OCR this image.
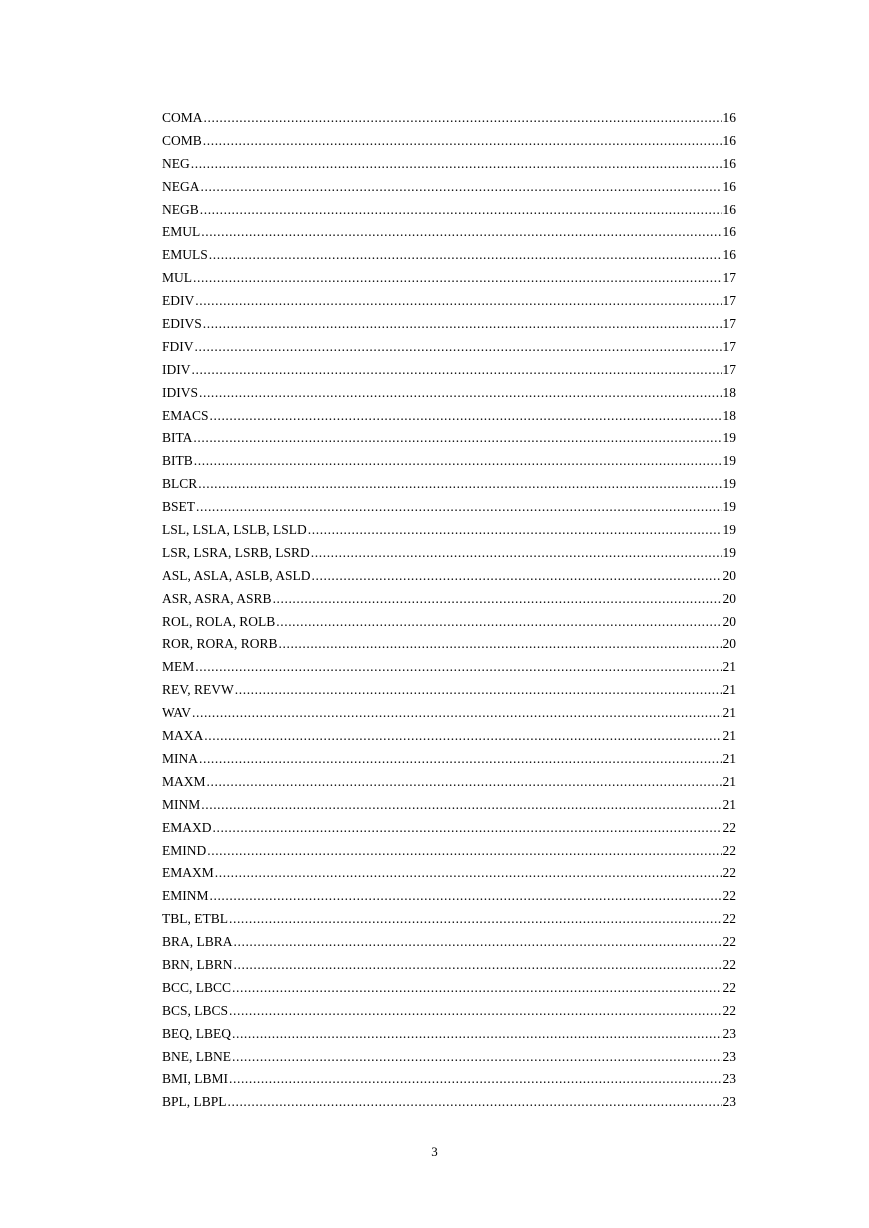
COMA .....	16
COMB .....	16
NEG .....	16
NEGA .....	16
NEGB .....	16
EMUL .....	16
EMULS .....	16
MUL .....	17
EDIV .....	17
EDIVS .....	17
FDIV .....	17
IDIV .....	17
IDIVS .....	18
EMACS .....	18
BITA .....	19
BITB .....	19
BLCR .....	19
BSET .....	19
LSL, LSLA, LSLB, LSLD .....	19
LSR, LSRA, LSRB, LSRD .....	19
ASL, ASLA, ASLB, ASLD .....	20
ASR, ASRA, ASRB .....	20
ROL, ROLA, ROLB .....	20
ROR, RORA, RORB .....	20
MEM .....	21
REV, REVW .....	21
WAV .....	21
MAXA .....	21
MINA .....	21
MAXM .....	21
MINM .....	21
EMAXD .....	22
EMIND .....	22
EMAXM .....	22
EMINM .....	22
TBL, ETBL .....	22
BRA, LBRA .....	22
BRN, LBRN .....	22
BCC, LBCC .....	22
BCS, LBCS .....	22
BEQ, LBEQ .....	23
BNE, LBNE .....	23
BMI, LBMI .....	23
BPL, LBPL .....	23
3
